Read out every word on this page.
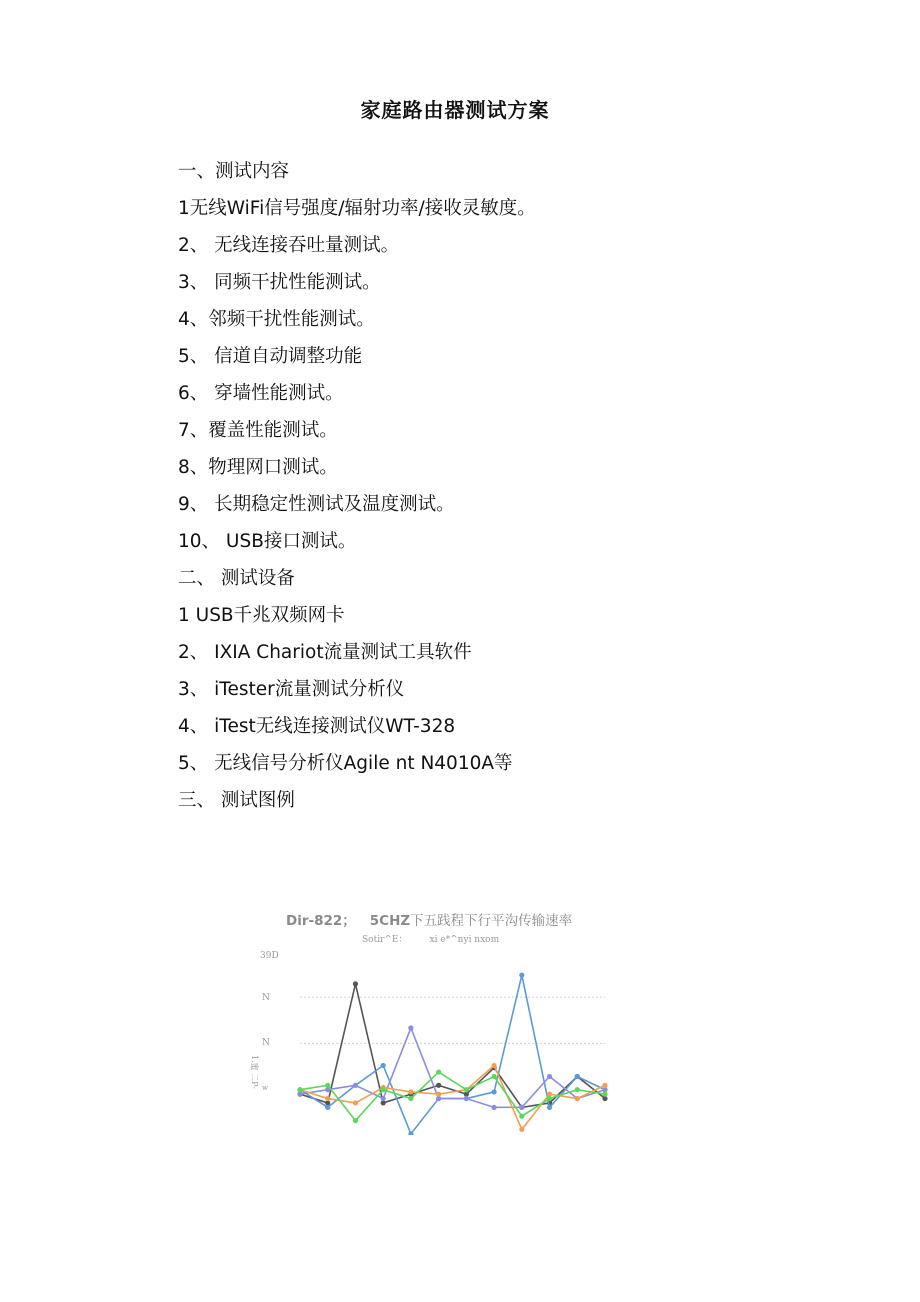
家庭路由器测试方案
一、测试内容
1无线WiFi信号强度/辐射功率/接收灵敏度。
2、 无线连接吞吐量测试。
3、 同频干扰性能测试。
4、邻频干扰性能测试。
5、 信道自动调整功能
6、 穿墙性能测试。
7、覆盖性能测试。
8、物理网口测试。
9、 长期稳定性测试及温度测试。
10、 USB接口测试。
二、 测试设备
1 USB千兆双频网卡
2、 IXIA Chariot流量测试工具软件
3、 iTester流量测试分析仪
4、 iTest无线连接测试仪WT-328
5、 无线信号分析仪Agile nt N4010A等
三、 测试图例
Dir-822； 5CHZ下五践程下行平沟传输速率
Sotir^E： xi e*^nyi nxom
39D
N
N
w
1.蜜 二P-
